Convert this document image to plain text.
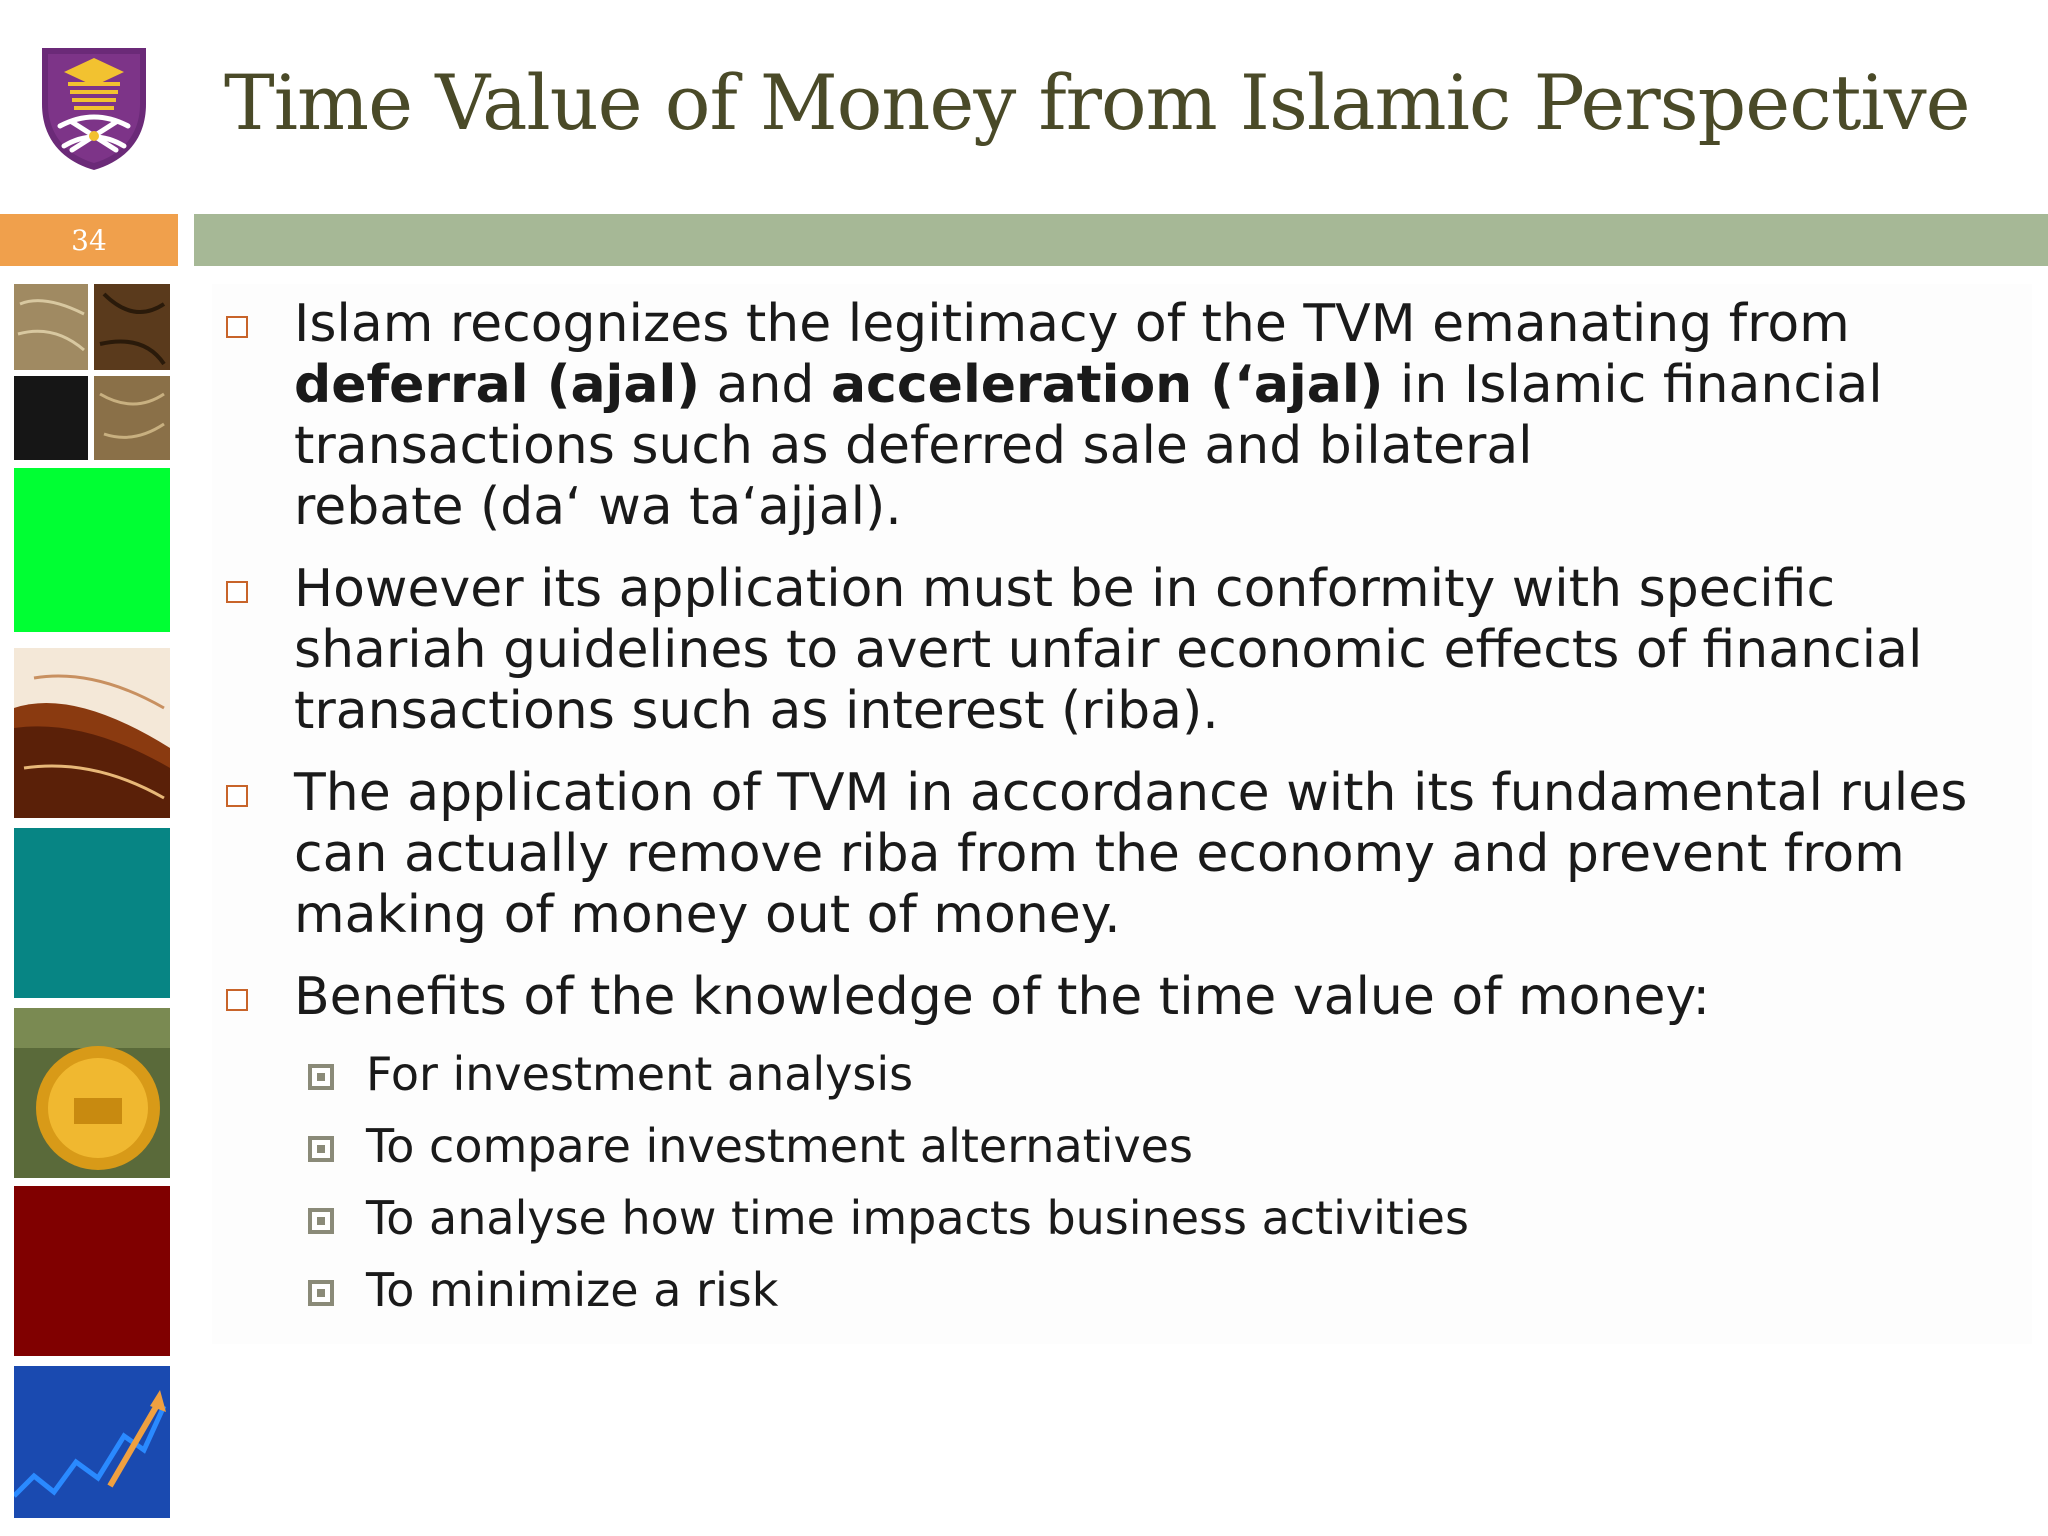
Time Value of Money from Islamic Perspective
34
Islam recognizes the legitimacy of the TVM emanating from deferral (ajal) and acceleration (‘ajal) in Islamic financial transactions such as deferred sale and bilateral
rebate (da‘ wa ta‘ajjal).
However its application must be in conformity with specific shariah guidelines to avert unfair economic effects of financial transactions such as interest (riba).
The application of TVM in accordance with its fundamental rules can actually remove riba from the economy and prevent from making of money out of money.
Benefits of the knowledge of the time value of money:
For investment analysis
To compare investment alternatives
To analyse how time impacts business activities
To minimize a risk
